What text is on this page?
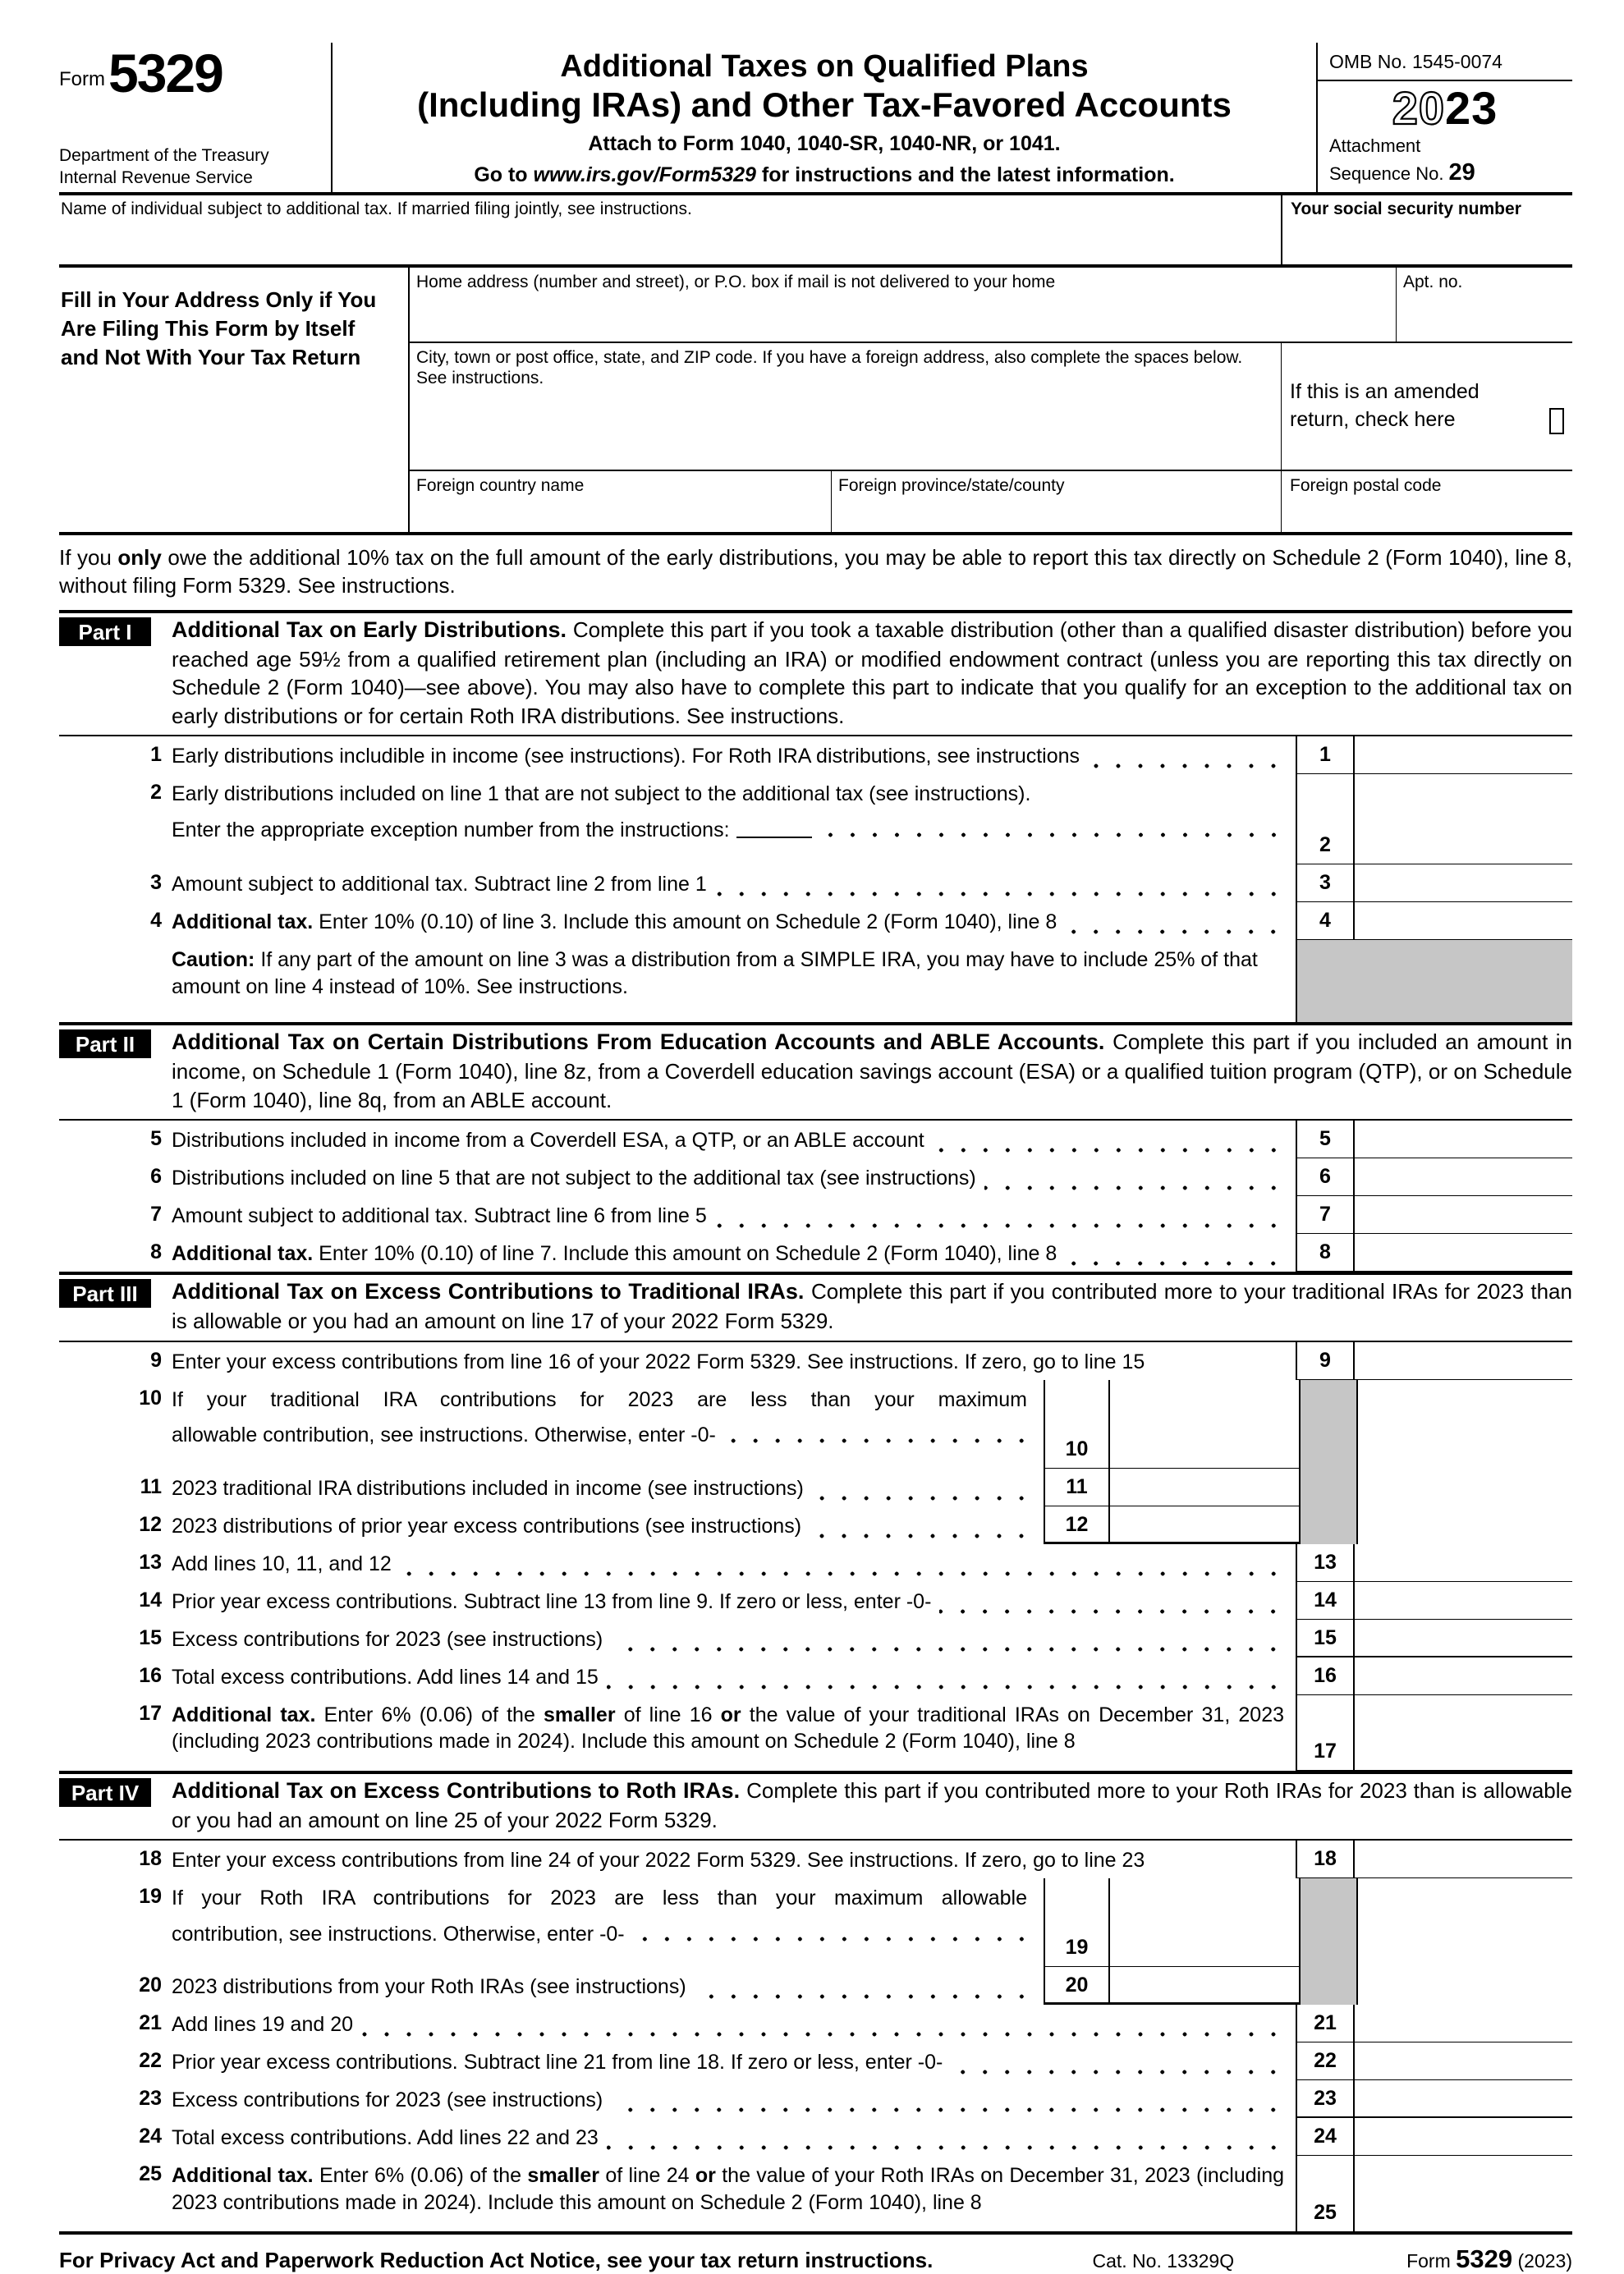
Form 5329
Department of the Treasury
Internal Revenue Service
Additional Taxes on Qualified Plans
(Including IRAs) and Other Tax-Favored Accounts
Attach to Form 1040, 1040-SR, 1040-NR, or 1041.
Go to www.irs.gov/Form5329 for instructions and the latest information.
OMB No. 1545-0074
2023
Attachment
Sequence No. 29
Name of individual subject to additional tax. If married filing jointly, see instructions.	Your social security number
Fill in Your Address Only if You Are Filing This Form by Itself and Not With Your Tax Return
Home address (number and street), or P.O. box if mail is not delivered to your home	Apt. no.
City, town or post office, state, and ZIP code. If you have a foreign address, also complete the spaces below. See instructions.
If this is an amended return, check here
Foreign country name	Foreign province/state/county	Foreign postal code
If you only owe the additional 10% tax on the full amount of the early distributions, you may be able to report this tax directly on Schedule 2 (Form 1040), line 8, without filing Form 5329. See instructions.
Part I	Additional Tax on Early Distributions. Complete this part if you took a taxable distribution (other than a qualified disaster distribution) before you reached age 59½ from a qualified retirement plan (including an IRA) or modified endowment contract (unless you are reporting this tax directly on Schedule 2 (Form 1040)—see above). You may also have to complete this part to indicate that you qualify for an exception to the additional tax on early distributions or for certain Roth IRA distributions. See instructions.
1 Early distributions includible in income (see instructions). For Roth IRA distributions, see instructions	1
2 Early distributions included on line 1 that are not subject to the additional tax (see instructions).
Enter the appropriate exception number from the instructions:
2
3 Amount subject to additional tax. Subtract line 2 from line 1	3
4 Additional tax. Enter 10% (0.10) of line 3. Include this amount on Schedule 2 (Form 1040), line 8	4
Caution: If any part of the amount on line 3 was a distribution from a SIMPLE IRA, you may have to include 25% of that amount on line 4 instead of 10%. See instructions.
Part II	Additional Tax on Certain Distributions From Education Accounts and ABLE Accounts. Complete this part if you included an amount in income, on Schedule 1 (Form 1040), line 8z, from a Coverdell education savings account (ESA) or a qualified tuition program (QTP), or on Schedule 1 (Form 1040), line 8q, from an ABLE account.
5 Distributions included in income from a Coverdell ESA, a QTP, or an ABLE account	5
6 Distributions included on line 5 that are not subject to the additional tax (see instructions)	6
7 Amount subject to additional tax. Subtract line 6 from line 5	7
8 Additional tax. Enter 10% (0.10) of line 7. Include this amount on Schedule 2 (Form 1040), line 8	8
Part III	Additional Tax on Excess Contributions to Traditional IRAs. Complete this part if you contributed more to your traditional IRAs for 2023 than is allowable or you had an amount on line 17 of your 2022 Form 5329.
9 Enter your excess contributions from line 16 of your 2022 Form 5329. See instructions. If zero, go to line 15	9
10 If your traditional IRA contributions for 2023 are less than your maximum
allowable contribution, see instructions. Otherwise, enter -0-
10
11 2023 traditional IRA distributions included in income (see instructions)	11
12 2023 distributions of prior year excess contributions (see instructions)	12
13 Add lines 10, 11, and 12	13
14 Prior year excess contributions. Subtract line 13 from line 9. If zero or less, enter -0-	14
15 Excess contributions for 2023 (see instructions)	15
16 Total excess contributions. Add lines 14 and 15	16
17 Additional tax. Enter 6% (0.06) of the smaller of line 16 or the value of your traditional IRAs on December 31, 2023 (including 2023 contributions made in 2024). Include this amount on Schedule 2 (Form 1040), line 8	17
Part IV	Additional Tax on Excess Contributions to Roth IRAs. Complete this part if you contributed more to your Roth IRAs for 2023 than is allowable or you had an amount on line 25 of your 2022 Form 5329.
18 Enter your excess contributions from line 24 of your 2022 Form 5329. See instructions. If zero, go to line 23	18
19 If your Roth IRA contributions for 2023 are less than your maximum allowable
contribution, see instructions. Otherwise, enter -0-
19
20 2023 distributions from your Roth IRAs (see instructions)	20
21 Add lines 19 and 20	21
22 Prior year excess contributions. Subtract line 21 from line 18. If zero or less, enter -0-	22
23 Excess contributions for 2023 (see instructions)	23
24 Total excess contributions. Add lines 22 and 23	24
25 Additional tax. Enter 6% (0.06) of the smaller of line 24 or the value of your Roth IRAs on December 31, 2023 (including 2023 contributions made in 2024). Include this amount on Schedule 2 (Form 1040), line 8	25
For Privacy Act and Paperwork Reduction Act Notice, see your tax return instructions.	Cat. No. 13329Q	Form 5329 (2023)
